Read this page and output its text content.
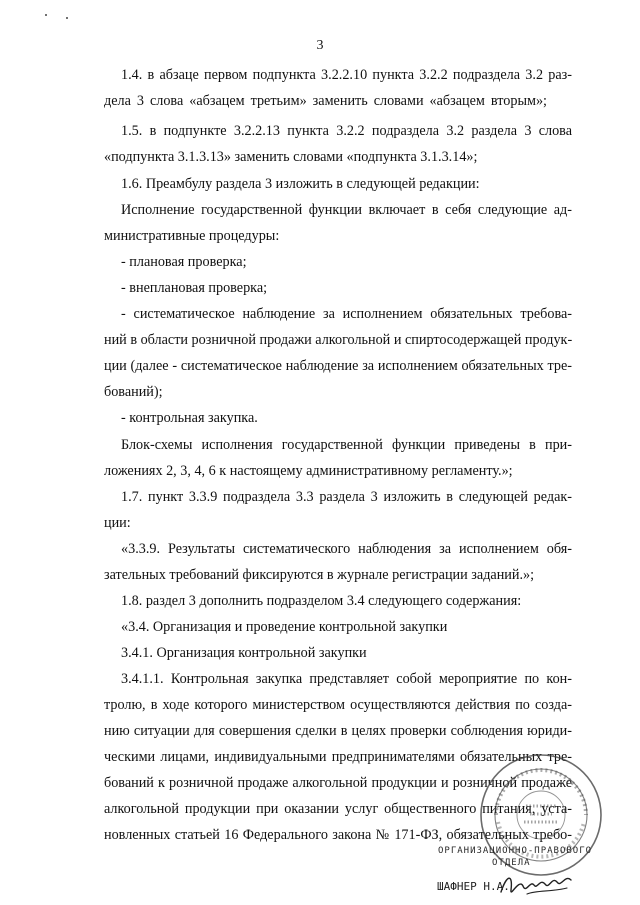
3
1.4. в абзаце первом подпункта 3.2.2.10 пункта 3.2.2 подраздела 3.2 раз-
дела 3 слова «абзацем третьим» заменить словами «абзацем вторым»;
1.5. в подпункте 3.2.2.13 пункта 3.2.2 подраздела 3.2 раздела 3 слова
«подпункта 3.1.3.13» заменить словами «подпункта 3.1.3.14»;
1.6. Преамбулу раздела 3 изложить в следующей редакции:
Исполнение государственной функции включает в себя следующие ад-
министративные процедуры:
- плановая проверка;
- внеплановая проверка;
- систематическое наблюдение за исполнением обязательных требова-
ний в области розничной продажи алкогольной и спиртосодержащей продук-
ции (далее - систематическое наблюдение за исполнением обязательных тре-
бований);
- контрольная закупка.
Блок-схемы исполнения государственной функции приведены в при-
ложениях 2, 3, 4, 6 к настоящему административному регламенту.»;
1.7. пункт 3.3.9 подраздела 3.3 раздела 3 изложить в следующей редак-
ции:
«3.3.9. Результаты систематического наблюдения за исполнением обя-
зательных требований фиксируются в журнале регистрации заданий.»;
1.8. раздел 3 дополнить подразделом 3.4 следующего содержания:
«3.4. Организация и проведение контрольной закупки
3.4.1. Организация контрольной закупки
3.4.1.1. Контрольная закупка представляет собой мероприятие по кон-
тролю, в ходе которого министерством осуществляются действия по созда-
нию ситуации для совершения сделки в целях проверки соблюдения юриди-
ческими лицами, индивидуальными предпринимателями обязательных тре-
бований к розничной продаже алкогольной продукции и розничной продаже
алкогольной продукции при оказании услуг общественного питания, уста-
новленных статьей 16 Федерального закона № 171-ФЗ, обязательных требо-
ОРГАНИЗАЦИОННО-ПРАВОВОГО
ОТДЕЛА
ШАФНЕР Н.А.
